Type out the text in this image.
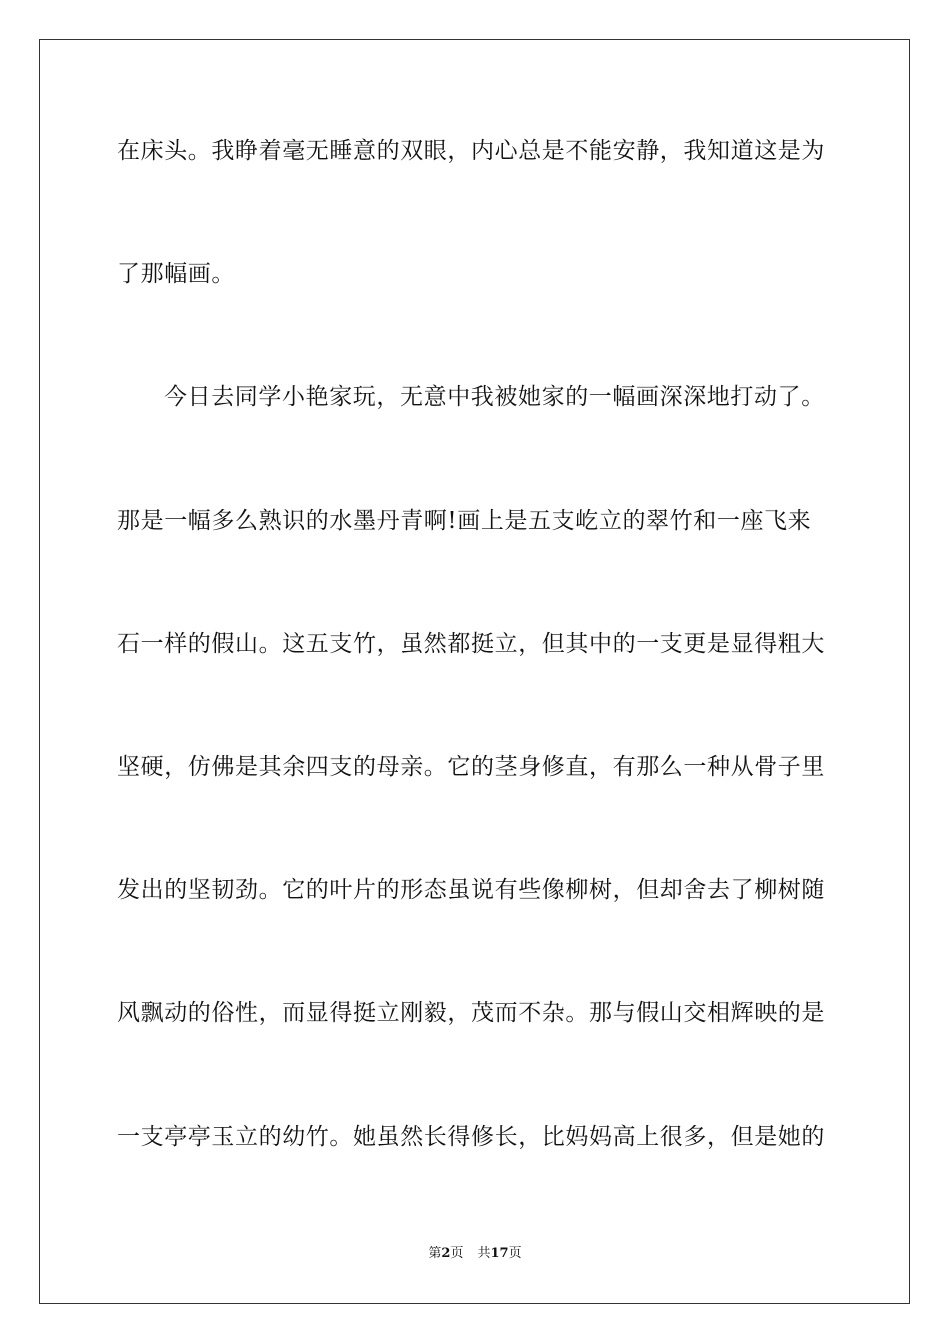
在床头。我睁着毫无睡意的双眼，内心总是不能安静，我知道这是为

了那幅画。

今日去同学小艳家玩，无意中我被她家的一幅画深深地打动了。

那是一幅多么熟识的水墨丹青啊!画上是五支屹立的翠竹和一座飞来

石一样的假山。这五支竹，虽然都挺立，但其中的一支更是显得粗大

坚硬，仿佛是其余四支的母亲。它的茎身修直，有那么一种从骨子里

发出的坚韧劲。它的叶片的形态虽说有些像柳树，但却舍去了柳树随

风飘动的俗性，而显得挺立刚毅，茂而不杂。那与假山交相辉映的是

一支亭亭玉立的幼竹。她虽然长得修长，比妈妈高上很多，但是她的

第2页 共17页
